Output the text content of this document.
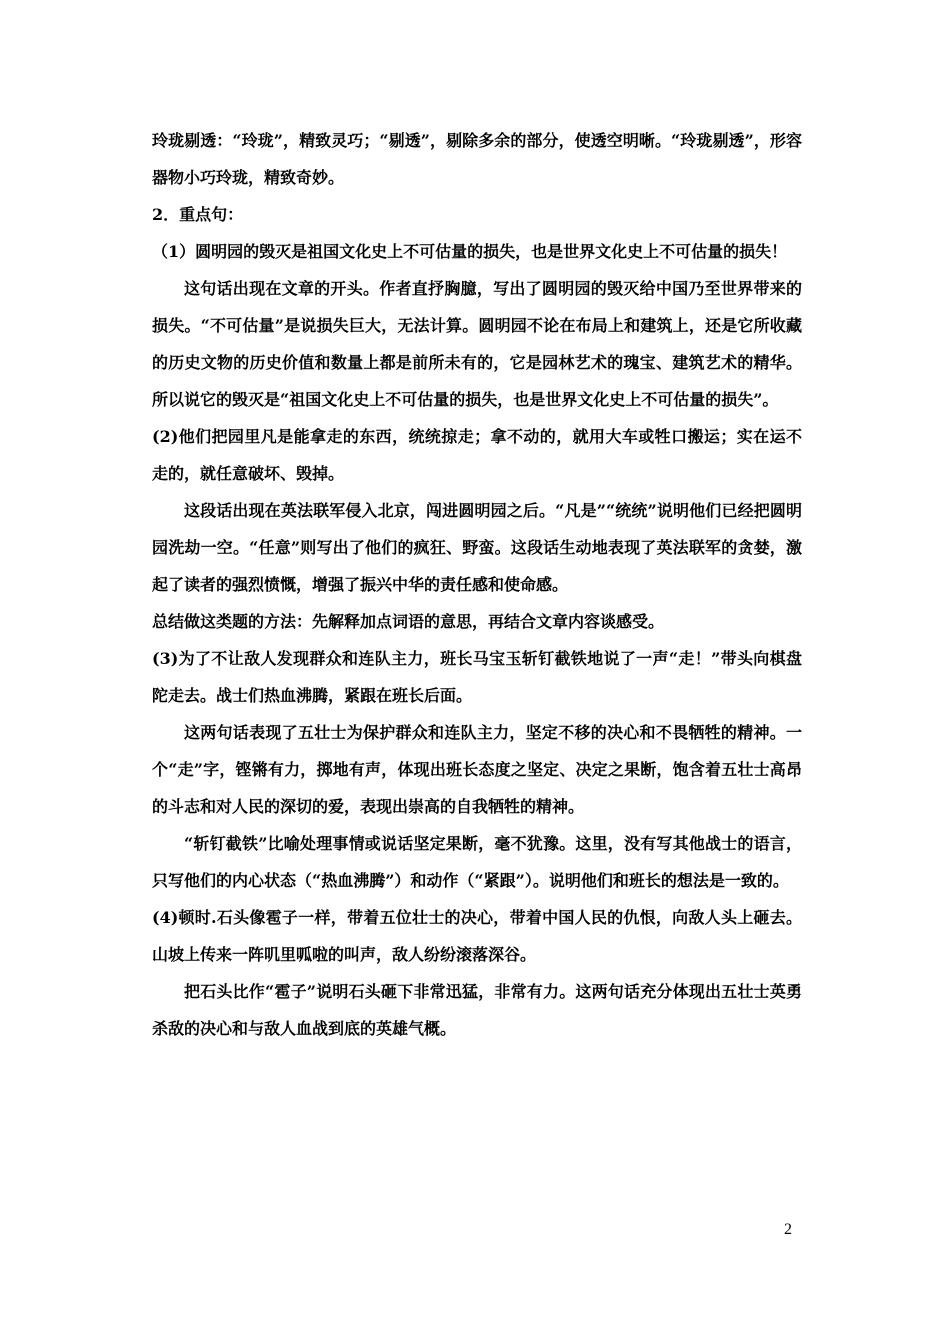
玲珑剔透：“玲珑”，精致灵巧；“剔透”，剔除多余的部分，使透空明晰。“玲珑剔透”，形容器物小巧玲珑，精致奇妙。

2．重点句：

（1）圆明园的毁灭是祖国文化史上不可估量的损失，也是世界文化史上不可估量的损失！

这句话出现在文章的开头。作者直抒胸臆，写出了圆明园的毁灭给中国乃至世界带来的损失。“不可估量”是说损失巨大，无法计算。圆明园不论在布局上和建筑上，还是它所收藏的历史文物的历史价值和数量上都是前所未有的，它是园林艺术的瑰宝、建筑艺术的精华。所以说它的毁灭是“祖国文化史上不可估量的损失，也是世界文化史上不可估量的损失”。

(2)他们把园里凡是能拿走的东西，统统掠走；拿不动的，就用大车或牲口搬运；实在运不走的，就任意破坏、毁掉。

这段话出现在英法联军侵入北京，闯进圆明园之后。“凡是”“统统”说明他们已经把圆明园洗劫一空。“任意”则写出了他们的疯狂、野蛮。这段话生动地表现了英法联军的贪婪，激起了读者的强烈愤慨，增强了振兴中华的责任感和使命感。

总结做这类题的方法：先解释加点词语的意思，再结合文章内容谈感受。

(3)为了不让敌人发现群众和连队主力，班长马宝玉斩钉截铁地说了一声“走！”带头向棋盘陀走去。战士们热血沸腾，紧跟在班长后面。

这两句话表现了五壮士为保护群众和连队主力，坚定不移的决心和不畏牺牲的精神。一个“走”字，铿锵有力，掷地有声，体现出班长态度之坚定、决定之果断，饱含着五壮士高昂的斗志和对人民的深切的爱，表现出崇高的自我牺牲的精神。

“斩钉截铁”比喻处理事情或说话坚定果断，毫不犹豫。这里，没有写其他战士的语言，只写他们的内心状态（“热血沸腾”）和动作（“紧跟”）。说明他们和班长的想法是一致的。

(4)顿时.石头像雹子一样，带着五位壮士的决心，带着中国人民的仇恨，向敌人头上砸去。山坡上传来一阵叽里呱啦的叫声，敌人纷纷滚落深谷。

把石头比作“雹子”说明石头砸下非常迅猛，非常有力。这两句话充分体现出五壮士英勇杀敌的决心和与敌人血战到底的英雄气概。

2
